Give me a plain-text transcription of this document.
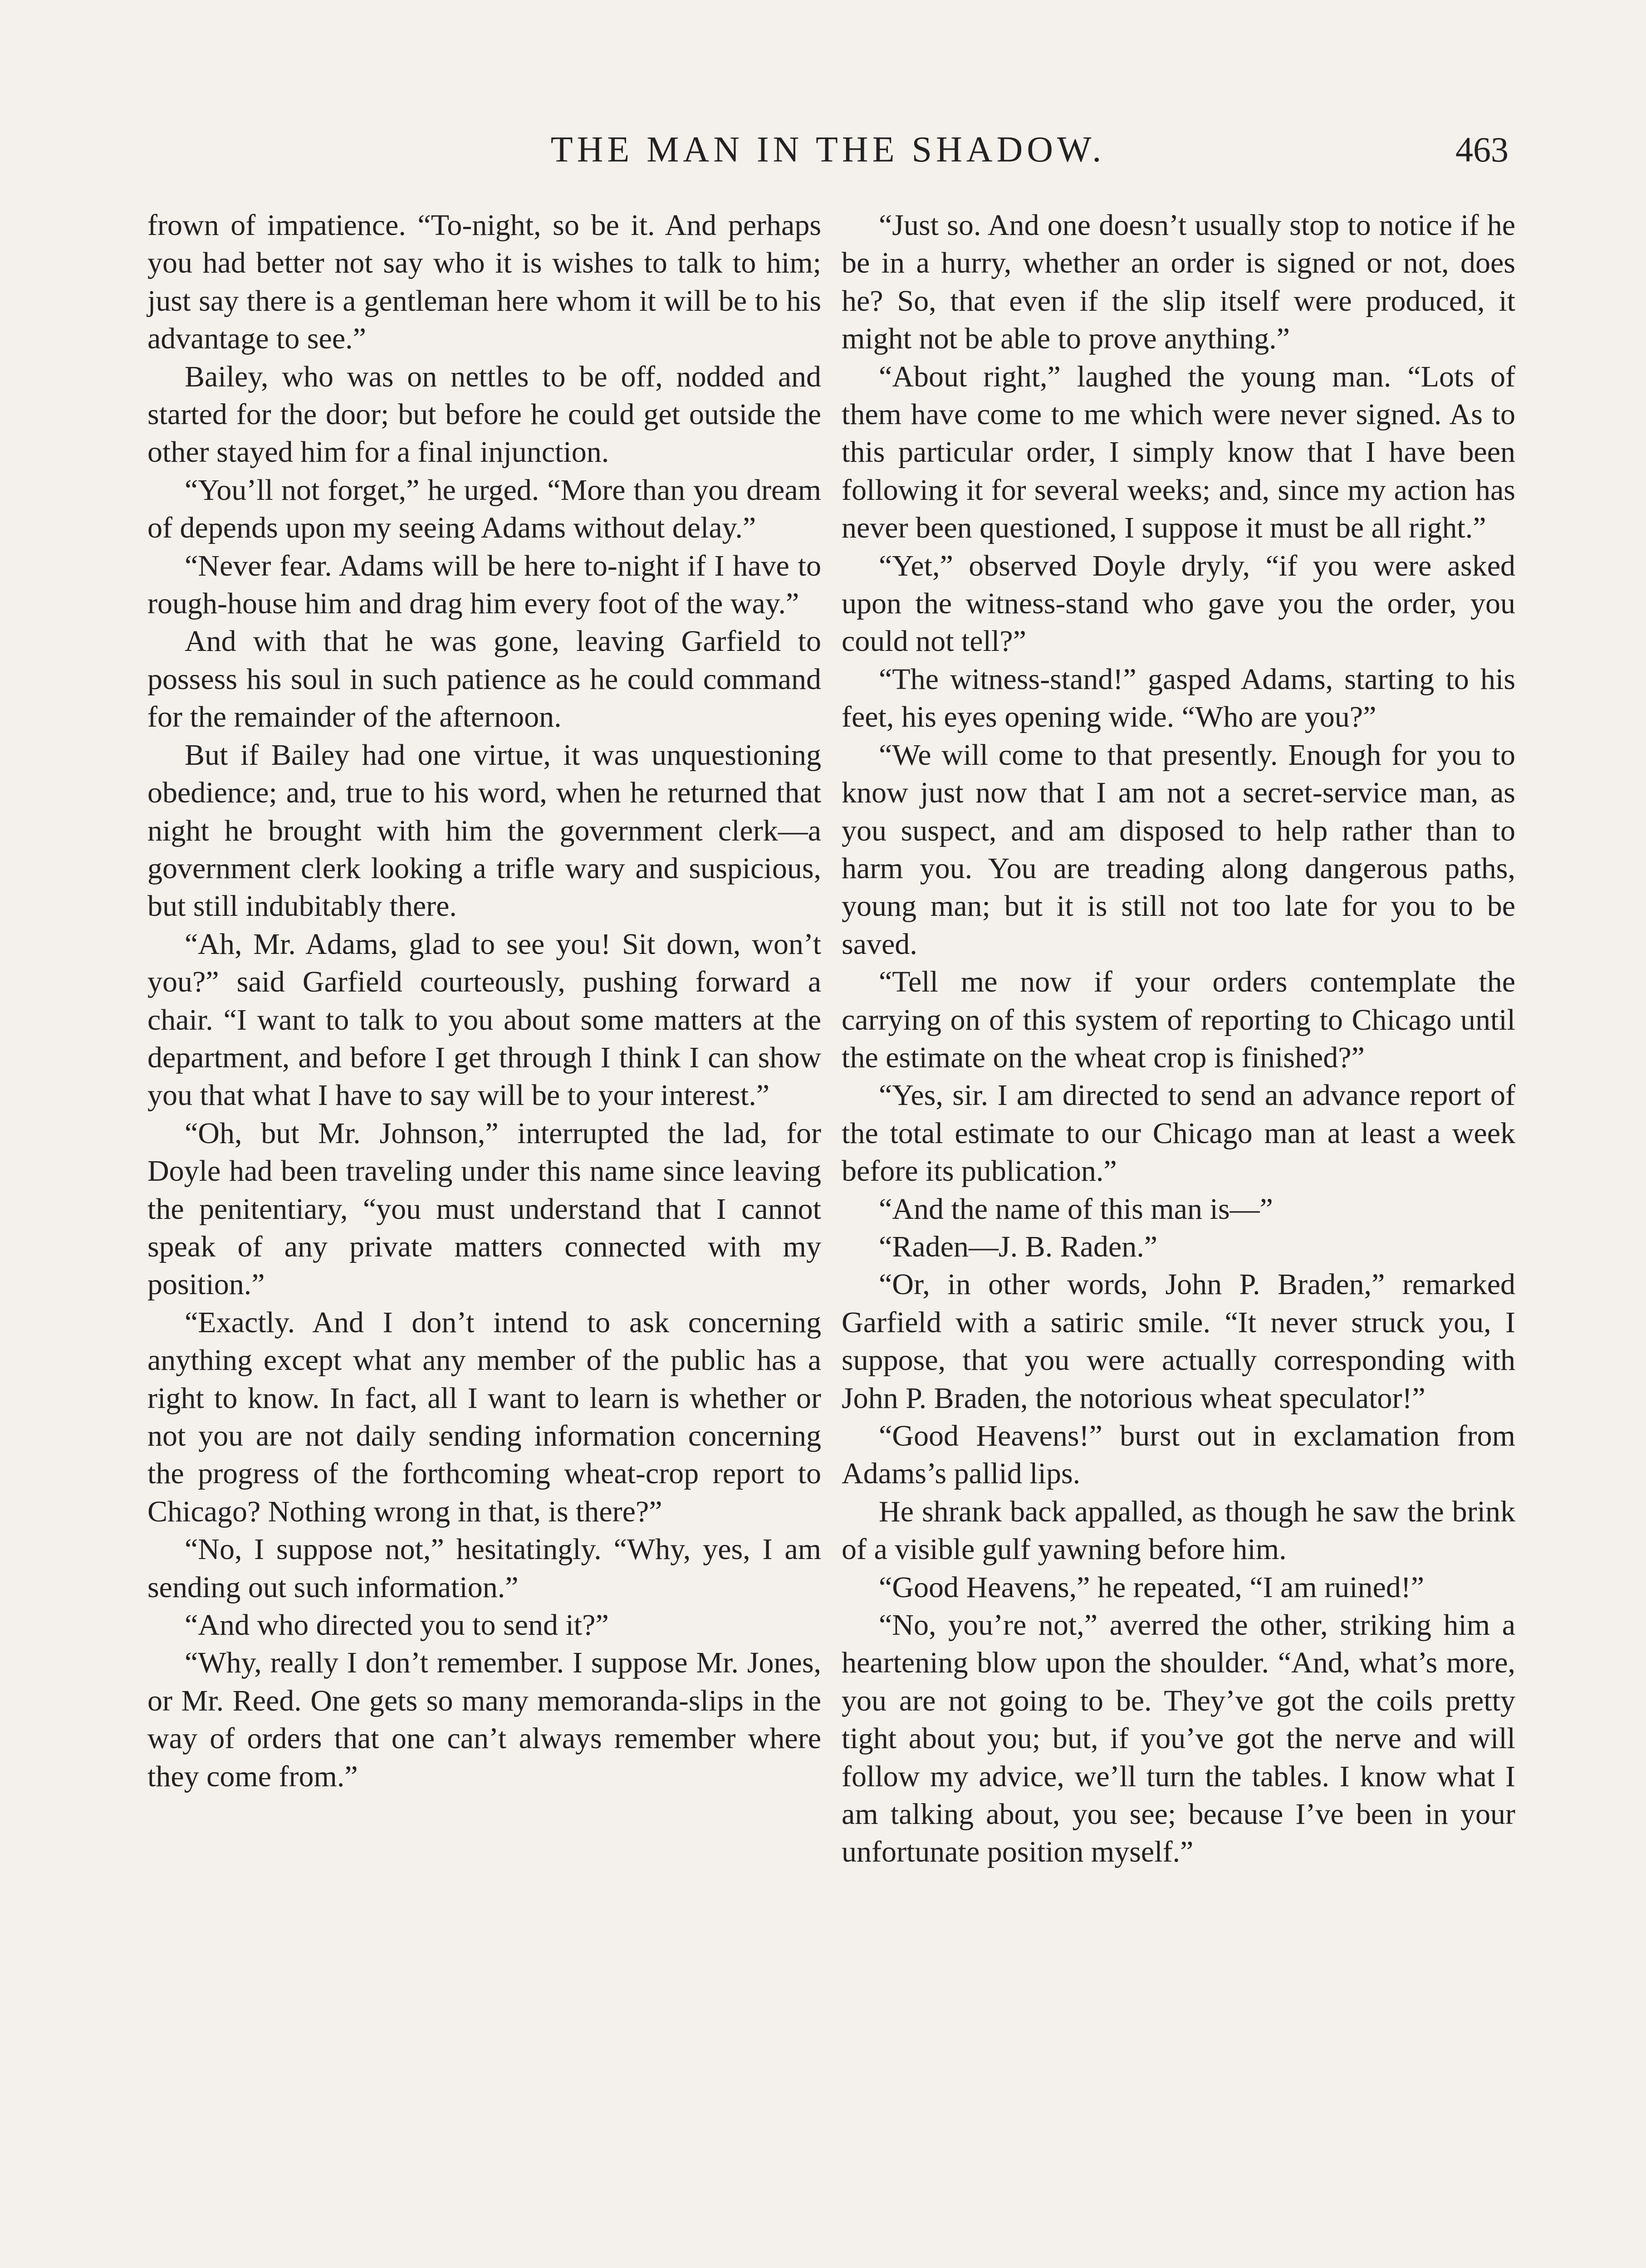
THE MAN IN THE SHADOW.	463

frown of impatience. “To-night, so be it. And perhaps you had better not say who it is wishes to talk to him; just say there is a gentleman here whom it will be to his advantage to see.”

Bailey, who was on nettles to be off, nodded and started for the door; but before he could get outside the other stayed him for a final injunction.

“You’ll not forget,” he urged. “More than you dream of depends upon my seeing Adams without delay.”

“Never fear. Adams will be here to-night if I have to rough-house him and drag him every foot of the way.”

And with that he was gone, leaving Garfield to possess his soul in such patience as he could command for the remainder of the afternoon.

But if Bailey had one virtue, it was unquestioning obedience; and, true to his word, when he returned that night he brought with him the government clerk—a government clerk looking a trifle wary and suspicious, but still indubitably there.

“Ah, Mr. Adams, glad to see you! Sit down, won’t you?” said Garfield courteously, pushing forward a chair. “I want to talk to you about some matters at the department, and before I get through I think I can show you that what I have to say will be to your interest.”

“Oh, but Mr. Johnson,” interrupted the lad, for Doyle had been traveling under this name since leaving the penitentiary, “you must understand that I cannot speak of any private matters connected with my position.”

“Exactly. And I don’t intend to ask concerning anything except what any member of the public has a right to know. In fact, all I want to learn is whether or not you are not daily sending information concerning the progress of the forthcoming wheat-crop report to Chicago? Nothing wrong in that, is there?”

“No, I suppose not,” hesitatingly. “Why, yes, I am sending out such information.”

“And who directed you to send it?”

“Why, really I don’t remember. I suppose Mr. Jones, or Mr. Reed. One gets so many memoranda-slips in the way of orders that one can’t always remember where they come from.”

“Just so. And one doesn’t usually stop to notice if he be in a hurry, whether an order is signed or not, does he? So, that even if the slip itself were produced, it might not be able to prove anything.”

“About right,” laughed the young man. “Lots of them have come to me which were never signed. As to this particular order, I simply know that I have been following it for several weeks; and, since my action has never been questioned, I suppose it must be all right.”

“Yet,” observed Doyle dryly, “if you were asked upon the witness-stand who gave you the order, you could not tell?”

“The witness-stand!” gasped Adams, starting to his feet, his eyes opening wide. “Who are you?”

“We will come to that presently. Enough for you to know just now that I am not a secret-service man, as you suspect, and am disposed to help rather than to harm you. You are treading along dangerous paths, young man; but it is still not too late for you to be saved.

“Tell me now if your orders contemplate the carrying on of this system of reporting to Chicago until the estimate on the wheat crop is finished?”

“Yes, sir. I am directed to send an advance report of the total estimate to our Chicago man at least a week before its publication.”

“And the name of this man is—”

“Raden—J. B. Raden.”

“Or, in other words, John P. Braden,” remarked Garfield with a satiric smile. “It never struck you, I suppose, that you were actually corresponding with John P. Braden, the notorious wheat speculator!”

“Good Heavens!” burst out in exclamation from Adams’s pallid lips.

He shrank back appalled, as though he saw the brink of a visible gulf yawning before him.

“Good Heavens,” he repeated, “I am ruined!”

“No, you’re not,” averred the other, striking him a heartening blow upon the shoulder. “And, what’s more, you are not going to be. They’ve got the coils pretty tight about you; but, if you’ve got the nerve and will follow my advice, we’ll turn the tables. I know what I am talking about, you see; because I’ve been in your unfortunate position myself.”
